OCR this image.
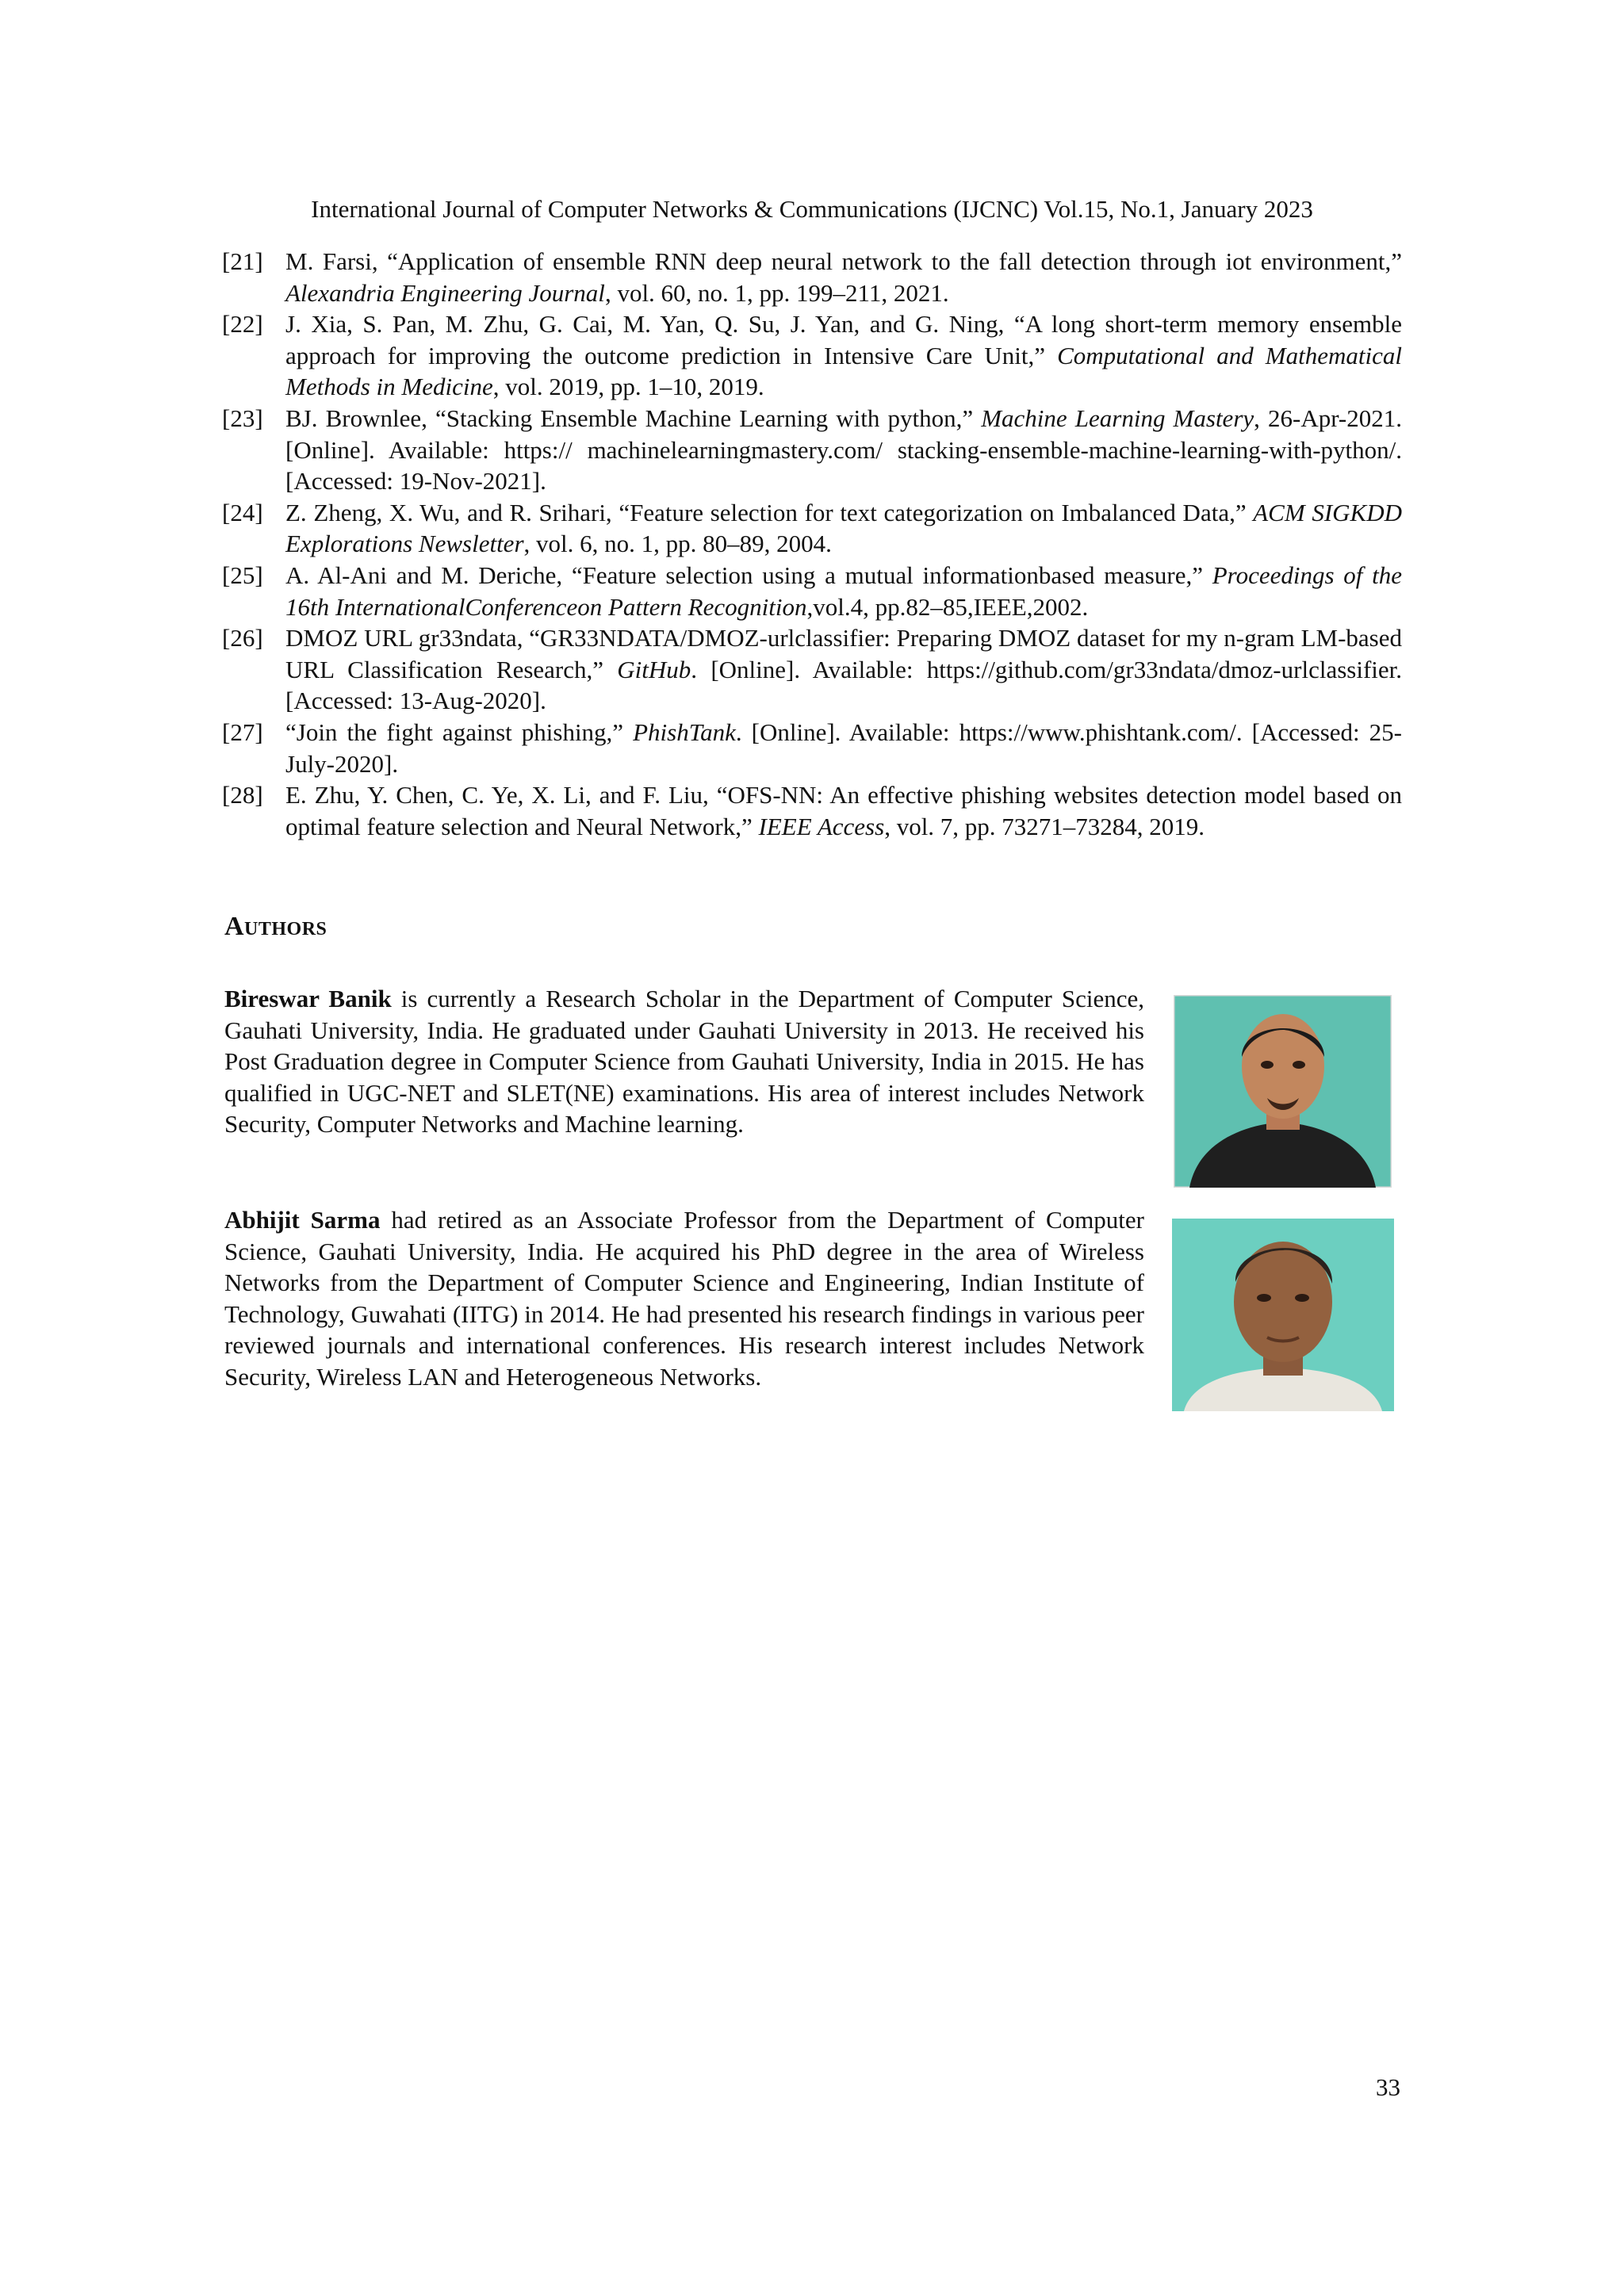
International Journal of Computer Networks & Communications (IJCNC) Vol.15, No.1, January 2023
[21] M. Farsi, “Application of ensemble RNN deep neural network to the fall detection through iot environment,” Alexandria Engineering Journal, vol. 60, no. 1, pp. 199–211, 2021.
[22] J. Xia, S. Pan, M. Zhu, G. Cai, M. Yan, Q. Su, J. Yan, and G. Ning, “A long short-term memory ensemble approach for improving the outcome prediction in Intensive Care Unit,” Computational and Mathematical Methods in Medicine, vol. 2019, pp. 1–10, 2019.
[23] BJ. Brownlee, “Stacking Ensemble Machine Learning with python,” Machine Learning Mastery, 26-Apr-2021. [Online]. Available: https:// machinelearningmastery.com/ stacking-ensemble-machine-learning-with-python/. [Accessed: 19-Nov-2021].
[24] Z. Zheng, X. Wu, and R. Srihari, “Feature selection for text categorization on Imbalanced Data,” ACM SIGKDD Explorations Newsletter, vol. 6, no. 1, pp. 80–89, 2004.
[25] A. Al-Ani and M. Deriche, “Feature selection using a mutual informationbased measure,” Proceedings of the 16th InternationalConferenceon Pattern Recognition,vol.4, pp.82–85,IEEE,2002.
[26] DMOZ URL gr33ndata, “GR33NDATA/DMOZ-urlclassifier: Preparing DMOZ dataset for my n-gram LM-based URL Classification Research,” GitHub. [Online]. Available: https://github.com/gr33ndata/dmoz-urlclassifier. [Accessed: 13-Aug-2020].
[27] “Join the fight against phishing,” PhishTank. [Online]. Available: https://www.phishtank.com/. [Accessed: 25-July-2020].
[28] E. Zhu, Y. Chen, C. Ye, X. Li, and F. Liu, “OFS-NN: An effective phishing websites detection model based on optimal feature selection and Neural Network,” IEEE Access, vol. 7, pp. 73271–73284, 2019.
Authors
Bireswar Banik is currently a Research Scholar in the Department of Computer Science, Gauhati University, India. He graduated under Gauhati University in 2013. He received his Post Graduation degree in Computer Science from Gauhati University, India in 2015. He has qualified in UGC-NET and SLET(NE) examinations. His area of interest includes Network Security, Computer Networks and Machine learning.
Abhijit Sarma had retired as an Associate Professor from the Department of Computer Science, Gauhati University, India. He acquired his PhD degree in the area of Wireless Networks from the Department of Computer Science and Engineering, Indian Institute of Technology, Guwahati (IITG) in 2014. He had presented his research findings in various peer reviewed journals and international conferences. His research interest includes Network Security, Wireless LAN and Heterogeneous Networks.
33
